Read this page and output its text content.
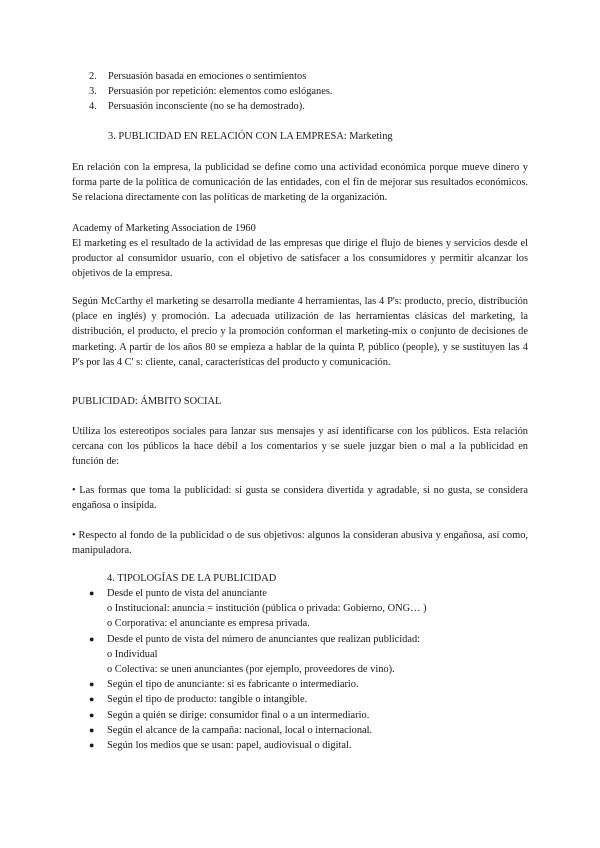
2. Persuasión basada en emociones o sentimientos
3. Persuasión por repetición: elementos como eslóganes.
4. Persuasión inconsciente (no se ha demostrado).
3. PUBLICIDAD EN RELACIÓN CON LA EMPRESA: Marketing

En relación con la empresa, la publicidad se define como una actividad económica porque mueve dinero y forma parte de la política de comunicación de las entidades, con el fin de mejorar sus resultados económicos. Se relaciona directamente con las políticas de marketing de la organización.

Academy of Marketing Association de 1960

El marketing es el resultado de la actividad de las empresas que dirige el flujo de bienes y servicios desde el productor al consumidor usuario, con el objetivo de satisfacer a los consumidores y permitir alcanzar los objetivos de la empresa.

Según McCarthy el marketing se desarrolla mediante 4 herramientas, las 4 P's: producto, precio, distribución (place en inglés) y promoción. La adecuada utilización de las herramientas clásicas del marketing, la distribución, el producto, el precio y la promoción conforman el marketing-mix o conjunto de decisiones de marketing. A partir de los años 80 se empieza a hablar de la quinta P, público (people), y se sustituyen las 4 P's por las 4 C' s: cliente, canal, características del producto y comunicación.

PUBLICIDAD: ÁMBITO SOCIAL

Utiliza los estereotipos sociales para lanzar sus mensajes y así identificarse con los públicos. Esta relación cercana con los públicos la hace débil a los comentarios y se suele juzgar bien o mal a la publicidad en función de:

• Las formas que toma la publicidad: si gusta se considera divertida y agradable, si no gusta, se considera engañosa o insípida.

• Respecto al fondo de la publicidad o de sus objetivos: algunos la consideran abusiva y engañosa, así como, manipuladora.

4. TIPOLOGÍAS DE LA PUBLICIDAD
●	Desde el punto de vista del anunciante
o Institucional: anuncia = institución (pública o privada: Gobierno, ONG… )
o Corporativa: el anunciante es empresa privada.
●	Desde el punto de vista del número de anunciantes que realizan publicidad:
o Individual
o Colectiva: se unen anunciantes (por ejemplo, proveedores de vino).
●	Según el tipo de anunciante: si es fabricante o intermediario.
●	Según el tipo de producto: tangible o intangible.
●	Según a quién se dirige: consumidor final o a un intermediario.
●	Según el alcance de la campaña: nacional, local o internacional.
●	Según los medios que se usan: papel, audiovisual o digital.
